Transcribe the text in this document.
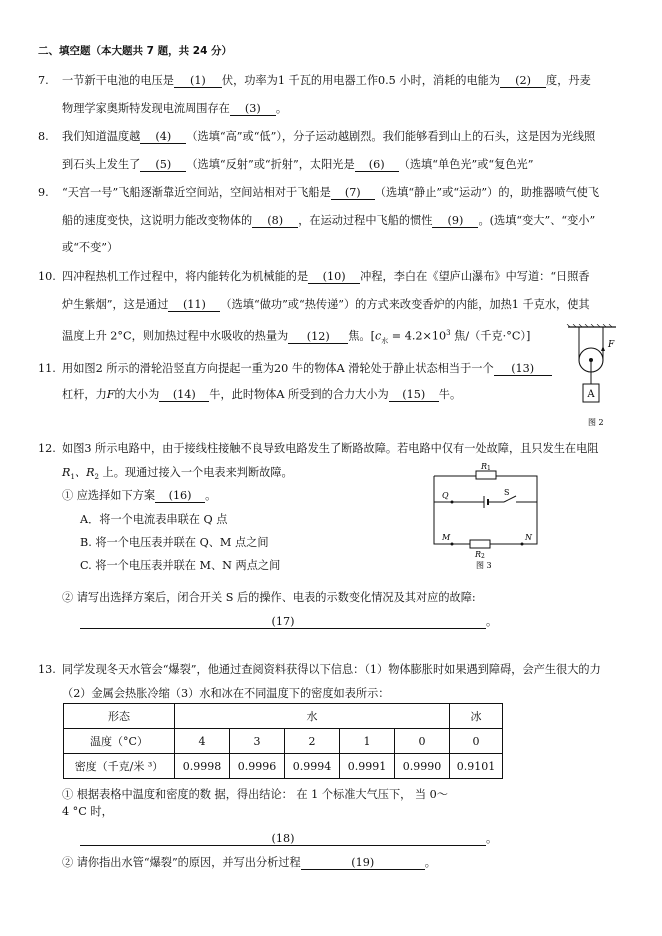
二、填空题（本大题共 7 题，共 24 分）
7. 一节新干电池的电压是 (1) 伏，功率为1 千瓦的用电器工作0.5 小时，消耗的电能为 (2) 度，丹麦
物理学家奥斯特发现电流周围存在 (3) 。
8. 我们知道温度越 (4) （选填“高”或“低”），分子运动越剧烈。我们能够看到山上的石头，这是因为光线照
到石头上发生了 (5) （选填“反射”或“折射”，太阳光是 (6) （选填“单色光”或“复色光”
9. “天宫一号”飞船逐渐靠近空间站，空间站相对于飞船是 (7) （选填“静止”或“运动”）的，助推器喷气使飞
船的速度变快，这说明力能改变物体的 (8) ，在运动过程中飞船的惯性 (9) 。(选填“变大”、“变小”
或“不变”）
10. 四冲程热机工作过程中，将内能转化为机械能的是 (10) 冲程，李白在《望庐山瀑布》中写道：“日照香
炉生紫烟”，这是通过 (11) （选填“做功”或“热传递”）的方式来改变香炉的内能，加热1 千克水，使其
温度上升 2°C，则加热过程中水吸收的热量为 (12) 焦。[$c_水 = 4.2\times 10^3$ 焦/（千克·°C）]
11. 用如图2 所示的滑轮沿竖直方向提起一重为20 牛的物体A 滑轮处于静止状态相当于一个 (13)
杠杆，力F的大小为 (14) 牛，此时物体A 所受到的合力大小为 (15) 牛。	A
F
图 2
12. 如图3 所示电路中，由于接线柱接触不良导致电路发生了断路故障。若电路中仅有一处故障，且只发生在电阻
$R_1$、$R_2$ 上。现通过接入一个电表来判断故障。
① 应选择如下方案 (16) 。
A．将一个电流表串联在 Q 点
B. 将一个电压表并联在 Q、M 点之间
C. 将一个电压表并联在 M、N 两点之间
② 请写出选择方案后，闭合开关 S 后的操作、电表的示数变化情况及其对应的故障:
(17)	。
R 1
R 2
Q	S
M	N
图 3
13. 同学发现冬天水管会“爆裂”，他通过查阅资料获得以下信息：（1）物体膨胀时如果遇到障碍，会产生很大的力
（2）金属会热胀冷缩（3）水和冰在不同温度下的密度如表所示：
形态	水					冰
温度（°C）	4	3	2	1	0	0
密度（千克/米 ³）	0.9998	0.9996	0.9994	0.9991	0.9990	0.9101
① 根据表格中温度和密度的数 据，得出结论： 在 1 个标准大气压下， 当 0～
4 °C 时，
(18)	。
② 请你指出水管“爆裂”的原因，并写出分析过程	(19)	。
